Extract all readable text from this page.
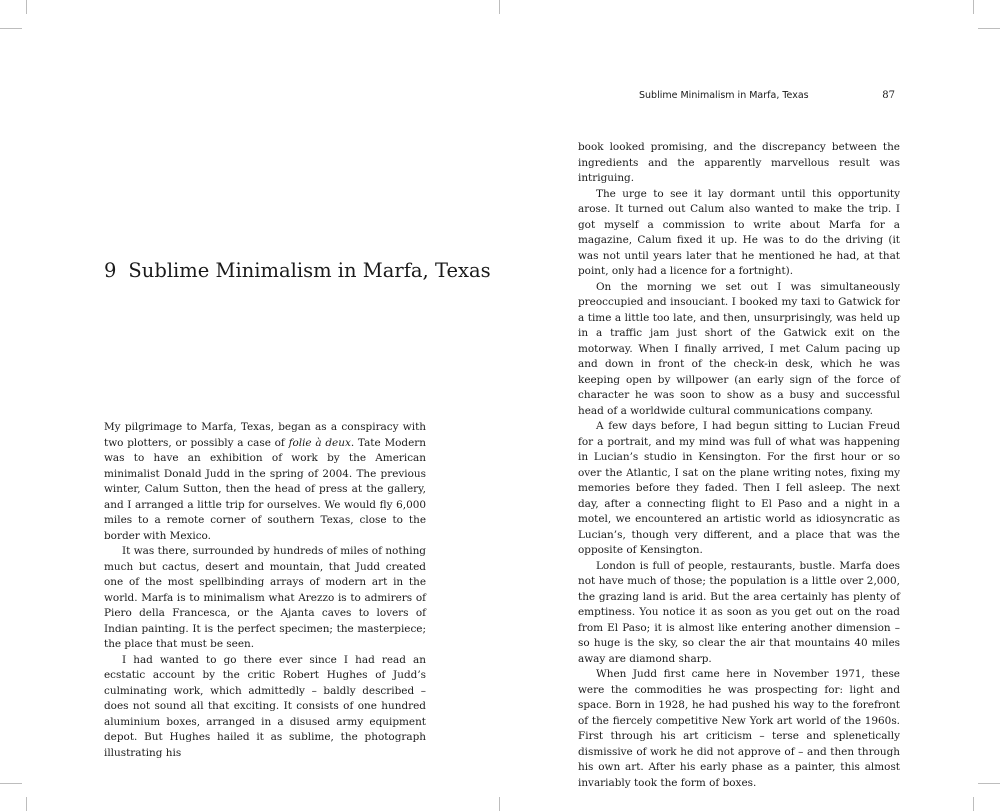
9 Sublime Minimalism in Marfa, Texas

My pilgrimage to Marfa, Texas, began as a conspiracy with two plotters, or possibly a case of folie à deux. Tate Modern was to have an exhibition of work by the American minimalist Donald Judd in the spring of 2004. The previous winter, Calum Sutton, then the head of press at the gallery, and I arranged a little trip for ourselves. We would fly 6,000 miles to a remote corner of southern Texas, close to the border with Mexico.

It was there, surrounded by hundreds of miles of nothing much but cactus, desert and mountain, that Judd created one of the most spellbinding arrays of modern art in the world. Marfa is to minimalism what Arezzo is to admirers of Piero della Francesca, or the Ajanta caves to lovers of Indian painting. It is the perfect specimen; the masterpiece; the place that must be seen.

I had wanted to go there ever since I had read an ecstatic account by the critic Robert Hughes of Judd’s culminating work, which admittedly – baldly described – does not sound all that exciting. It consists of one hundred aluminium boxes, arranged in a disused army equipment depot. But Hughes hailed it as sublime, the photograph illustrating his

Sublime Minimalism in Marfa, Texas	87

book looked promising, and the discrepancy between the ingredients and the apparently marvellous result was intriguing.

The urge to see it lay dormant until this opportunity arose. It turned out Calum also wanted to make the trip. I got myself a commission to write about Marfa for a magazine, Calum fixed it up. He was to do the driving (it was not until years later that he mentioned he had, at that point, only had a licence for a fortnight).

On the morning we set out I was simultaneously preoccupied and insouciant. I booked my taxi to Gatwick for a time a little too late, and then, unsurprisingly, was held up in a traffic jam just short of the Gatwick exit on the motorway. When I finally arrived, I met Calum pacing up and down in front of the check-in desk, which he was keeping open by willpower (an early sign of the force of character he was soon to show as a busy and successful head of a worldwide cultural communications company.

A few days before, I had begun sitting to Lucian Freud for a portrait, and my mind was full of what was happening in Lucian’s studio in Kensington. For the first hour or so over the Atlantic, I sat on the plane writing notes, fixing my memories before they faded. Then I fell asleep. The next day, after a connecting flight to El Paso and a night in a motel, we encountered an artistic world as idiosyncratic as Lucian’s, though very different, and a place that was the opposite of Kensington.

London is full of people, restaurants, bustle. Marfa does not have much of those; the population is a little over 2,000, the grazing land is arid. But the area certainly has plenty of emptiness. You notice it as soon as you get out on the road from El Paso; it is almost like entering another dimension – so huge is the sky, so clear the air that mountains 40 miles away are diamond sharp.

When Judd first came here in November 1971, these were the commodities he was prospecting for: light and space. Born in 1928, he had pushed his way to the forefront of the fiercely competitive New York art world of the 1960s. First through his art criticism – terse and splenetically dismissive of work he did not approve of – and then through his own art. After his early phase as a painter, this almost invariably took the form of boxes.
